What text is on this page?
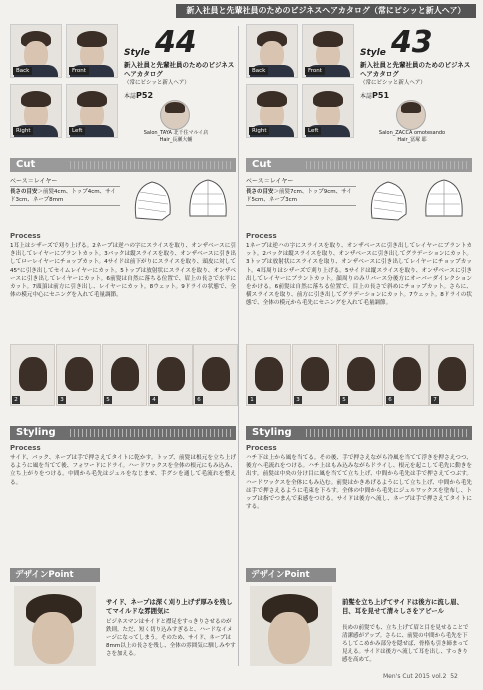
新入社員と先輩社員のためのビジネスヘアカタログ（常にピシッと新人ヘア）
Back	Front
Right	Left
Style 44
新入社員と先輩社員のためのビジネスヘアカタログ
（常にピシッと新人ヘア）
本誌P52
Salon_TAYA 北千住マルイ店
Hair_長瀬大輔
Cut
ベース＝レイヤー
長さの目安＞前髪4cm、トップ4cm、サイド3cm、ネープ8mm
Process
1耳上はシザーズで刈り上げる。2ネープは逆ハの字にスライスを取り、オンザベースに引き出してレイヤーにブラントカット。3バックは縦スライスを取り、オンザベースに引き出してローレイヤーにチョップカット。4サイドは前下がりにスライスを取り、頭皮に対して45°に引き出してセイムレイヤーにカット。5トップは放射状にスライスを取り、オンザベースに引き出してレイヤーにカット。6前髪は自然に落ちる位置で、眉上の長さで水平にカット。7頭頂は前方に引き出し、レイヤーにカット。8ウェット。9ドライの状態で、全体の模元中心にセニングを入れて毛量調節。
2	3	5	4	6
Styling
Process
サイド、バック、ネープは手で押さえてタイトに乾かす。トップ、前髪は根元を立ち上げるように風を当てて後、フォワードにドライ。ハードワックスを全体の根元にもみ込み、立ち上がりをつける。中間から毛先はジェルをなじませ、手グシを通して毛流れを整える。
デザインPoint
サイド、ネープは深く刈り上げず厚みを残してマイルドな雰囲気に
ビジネスマンはサイドと襟足をすっきりさせるのが鉄則。ただ、短く切り込みすぎると、ハードなイメージになってしまう。そのため、サイド、ネープは8mm以上の長さを残し、全体の雰囲気に馴しみやすさを加える。
Back	Front
Right	Left
Style 43
新入社員と先輩社員のためのビジネスヘアカタログ
（常にピシッと新人ヘア）
本誌P51
Salon_ZACCA omotesando
Hair_冨塚 耶
Cut
ベース＝レイヤー
長さの目安＞前髪7cm、トップ9cm、サイド5cm、ネープ3cm
Process
1ネープは逆ハの字にスライスを取り、オンザベースに引き出してレイヤーにブラントカット。2バックは縦スライスを取り、オンザベースに引き出してグラデーションにカット。3トップは放射状にスライスを取り、オンザベースに引き出してレイヤーにチョップカット。4耳周りはシザーズで刈り上げる。5サイドは縦スライスを取り、オンザベースに引き出してレイヤーにブラントカット。顔周りのみリバース分後方にオーバーダイレクションをかける。6前髪は自然に落ちる位置で、目上の長さで斜めにチョップカット。さらに、横スライスを取り、前方に引き出してグラデーションにカット。7ウェット。8ドライの状態で、全体の模元から毛先にセニングを入れて毛量調節。
1	3	5	6	7
Styling
Process
ハチ下は上から風を当てる。その後、手で押さえながら冷風を当てて浮きを押さえつつ、後方へ毛流れをつける。ハチ上はもみ込みながらドライし、根元を起こして毛先に動きを出す。前髪は中央の分け目に風を当てて立ち上げ、中間から毛先は手で押さえてつぶす。ハードワックスを全体にもみ込む。前髪はかきあげるようにして立ち上げ、中間から毛先は手で押さえるように毛束を下ろす。全体の中間から毛先にジェルワックスを塗布し、トップは指でつまんで束感をつける。サイドは後方へ流し、ネープは手で押さえてタイトにする。
デザインPoint
前髪を立ち上げてサイドは後方に流し眉、目、耳を見せて清々しさをアピール
長めの前髪でも、立ち上げて眉と目を見せることで清潔感がアップ。さらに、前髪の中間から毛先を下ろしてこめかみ部分を隠せば、骨格も引き締まって見える。サイドは後方へ流して耳を出し、すっきり感を高めて。
Men's Cut 2015 vol.2 52
